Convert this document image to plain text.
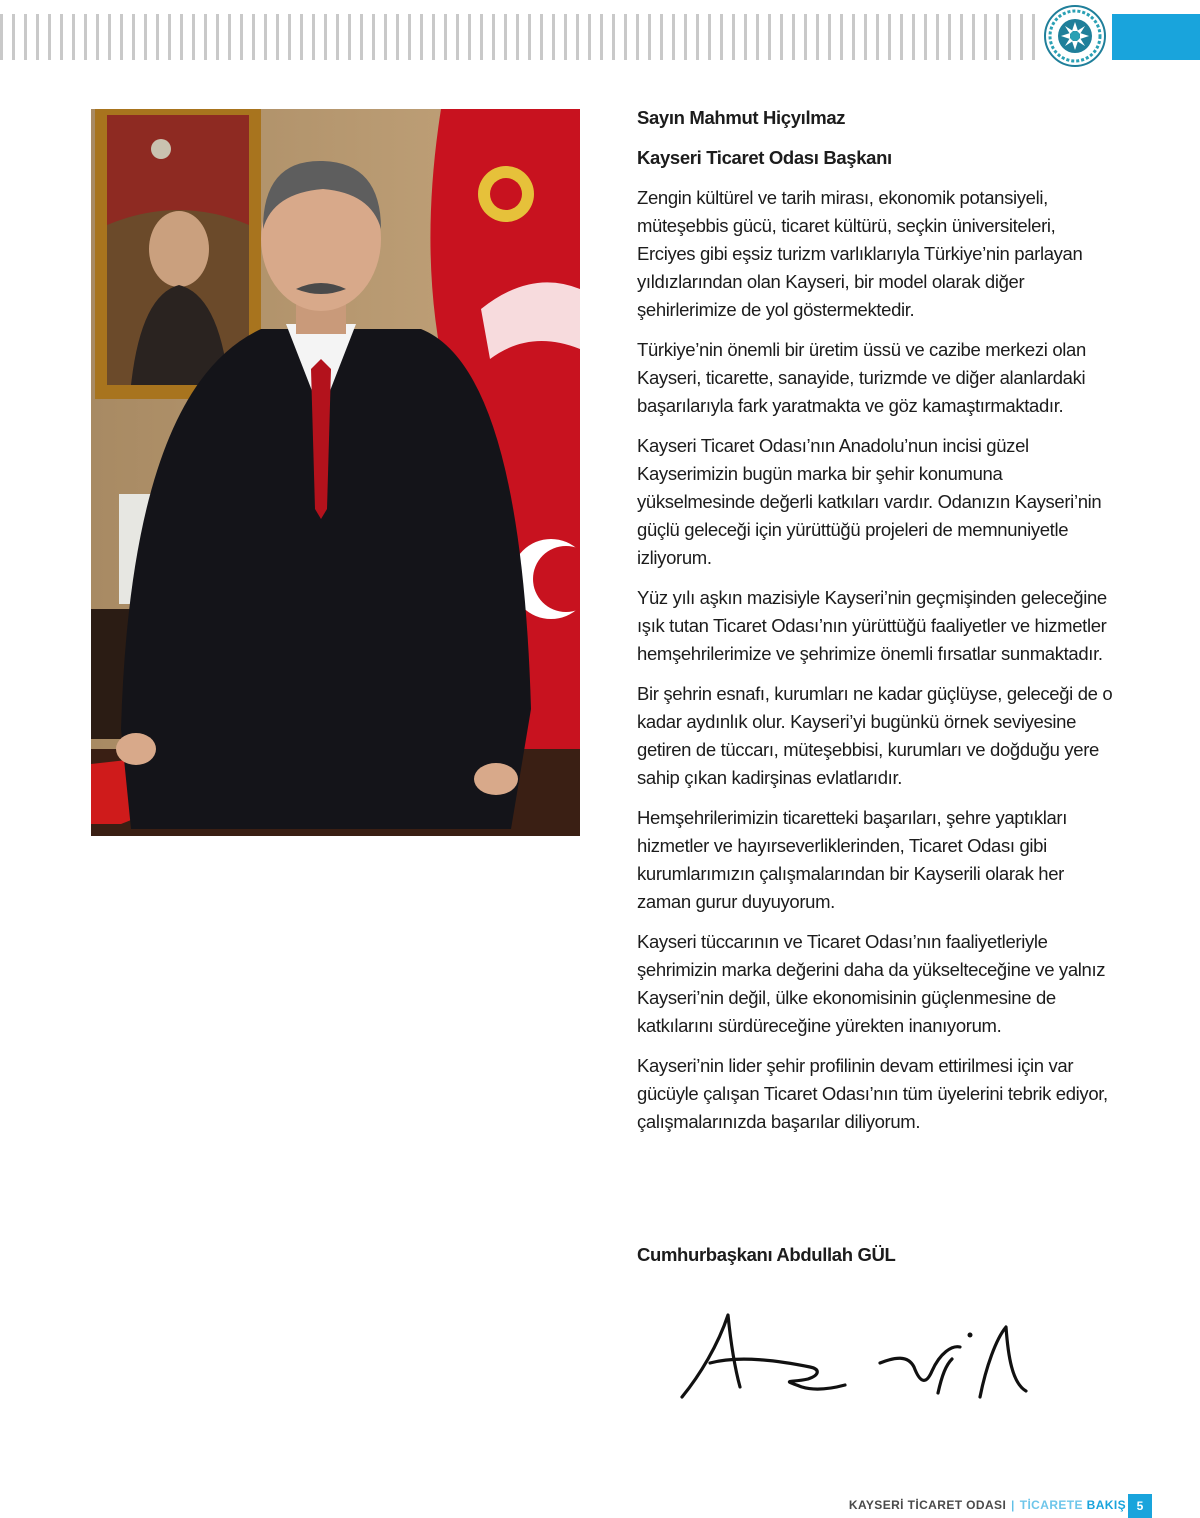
Sayın Mahmut Hiçyılmaz
Kayseri Ticaret Odası Başkanı

Zengin kültürel ve tarih mirası, ekonomik potansiyeli, müteşebbis gücü, ticaret kültürü, seçkin üniversiteleri, Erciyes gibi eşsiz turizm varlıklarıyla Türkiye’nin parlayan yıldızlarından olan Kayseri, bir model olarak diğer şehirlerimize de yol göstermektedir.

Türkiye’nin önemli bir üretim üssü ve cazibe merkezi olan Kayseri, ticarette, sanayide, turizmde ve diğer alanlardaki başarılarıyla fark yaratmakta ve göz kamaştırmaktadır.

Kayseri Ticaret Odası’nın Anadolu’nun incisi güzel Kayserimizin bugün marka bir şehir konumuna yükselmesinde değerli katkıları vardır. Odanızın Kayseri’nin güçlü geleceği için yürüttüğü projeleri de memnuniyetle izliyorum.

Yüz yılı aşkın mazisiyle Kayseri’nin geçmişinden geleceğine ışık tutan Ticaret Odası’nın yürüttüğü faaliyetler ve hizmetler hemşehrilerimize ve şehrimize önemli fırsatlar sunmaktadır.

Bir şehrin esnafı, kurumları ne kadar güçlüyse, geleceği de o kadar aydınlık olur. Kayseri’yi bugünkü örnek seviyesine getiren de tüccarı, müteşebbisi, kurumları ve doğduğu yere sahip çıkan kadirşinas evlatlarıdır.

Hemşehrilerimizin ticaretteki başarıları, şehre yaptıkları hizmetler ve hayırseverliklerinden, Ticaret Odası gibi kurumlarımızın çalışmalarından bir Kayserili olarak her zaman gurur duyuyorum.

Kayseri tüccarının ve Ticaret Odası’nın faaliyetleriyle şehrimizin marka değerini daha da yükselteceğine ve yalnız Kayseri’nin değil, ülke ekonomisinin güçlenmesine de katkılarını sürdüreceğine yürekten inanıyorum.

Kayseri’nin lider şehir profilinin devam ettirilmesi için var gücüyle çalışan Ticaret Odası’nın tüm üyelerini tebrik ediyor, çalışmalarınızda başarılar diliyorum.

Cumhurbaşkanı Abdullah GÜL
KAYSERİ TİCARET ODASI | TİCARETE BAKIŞ 5
